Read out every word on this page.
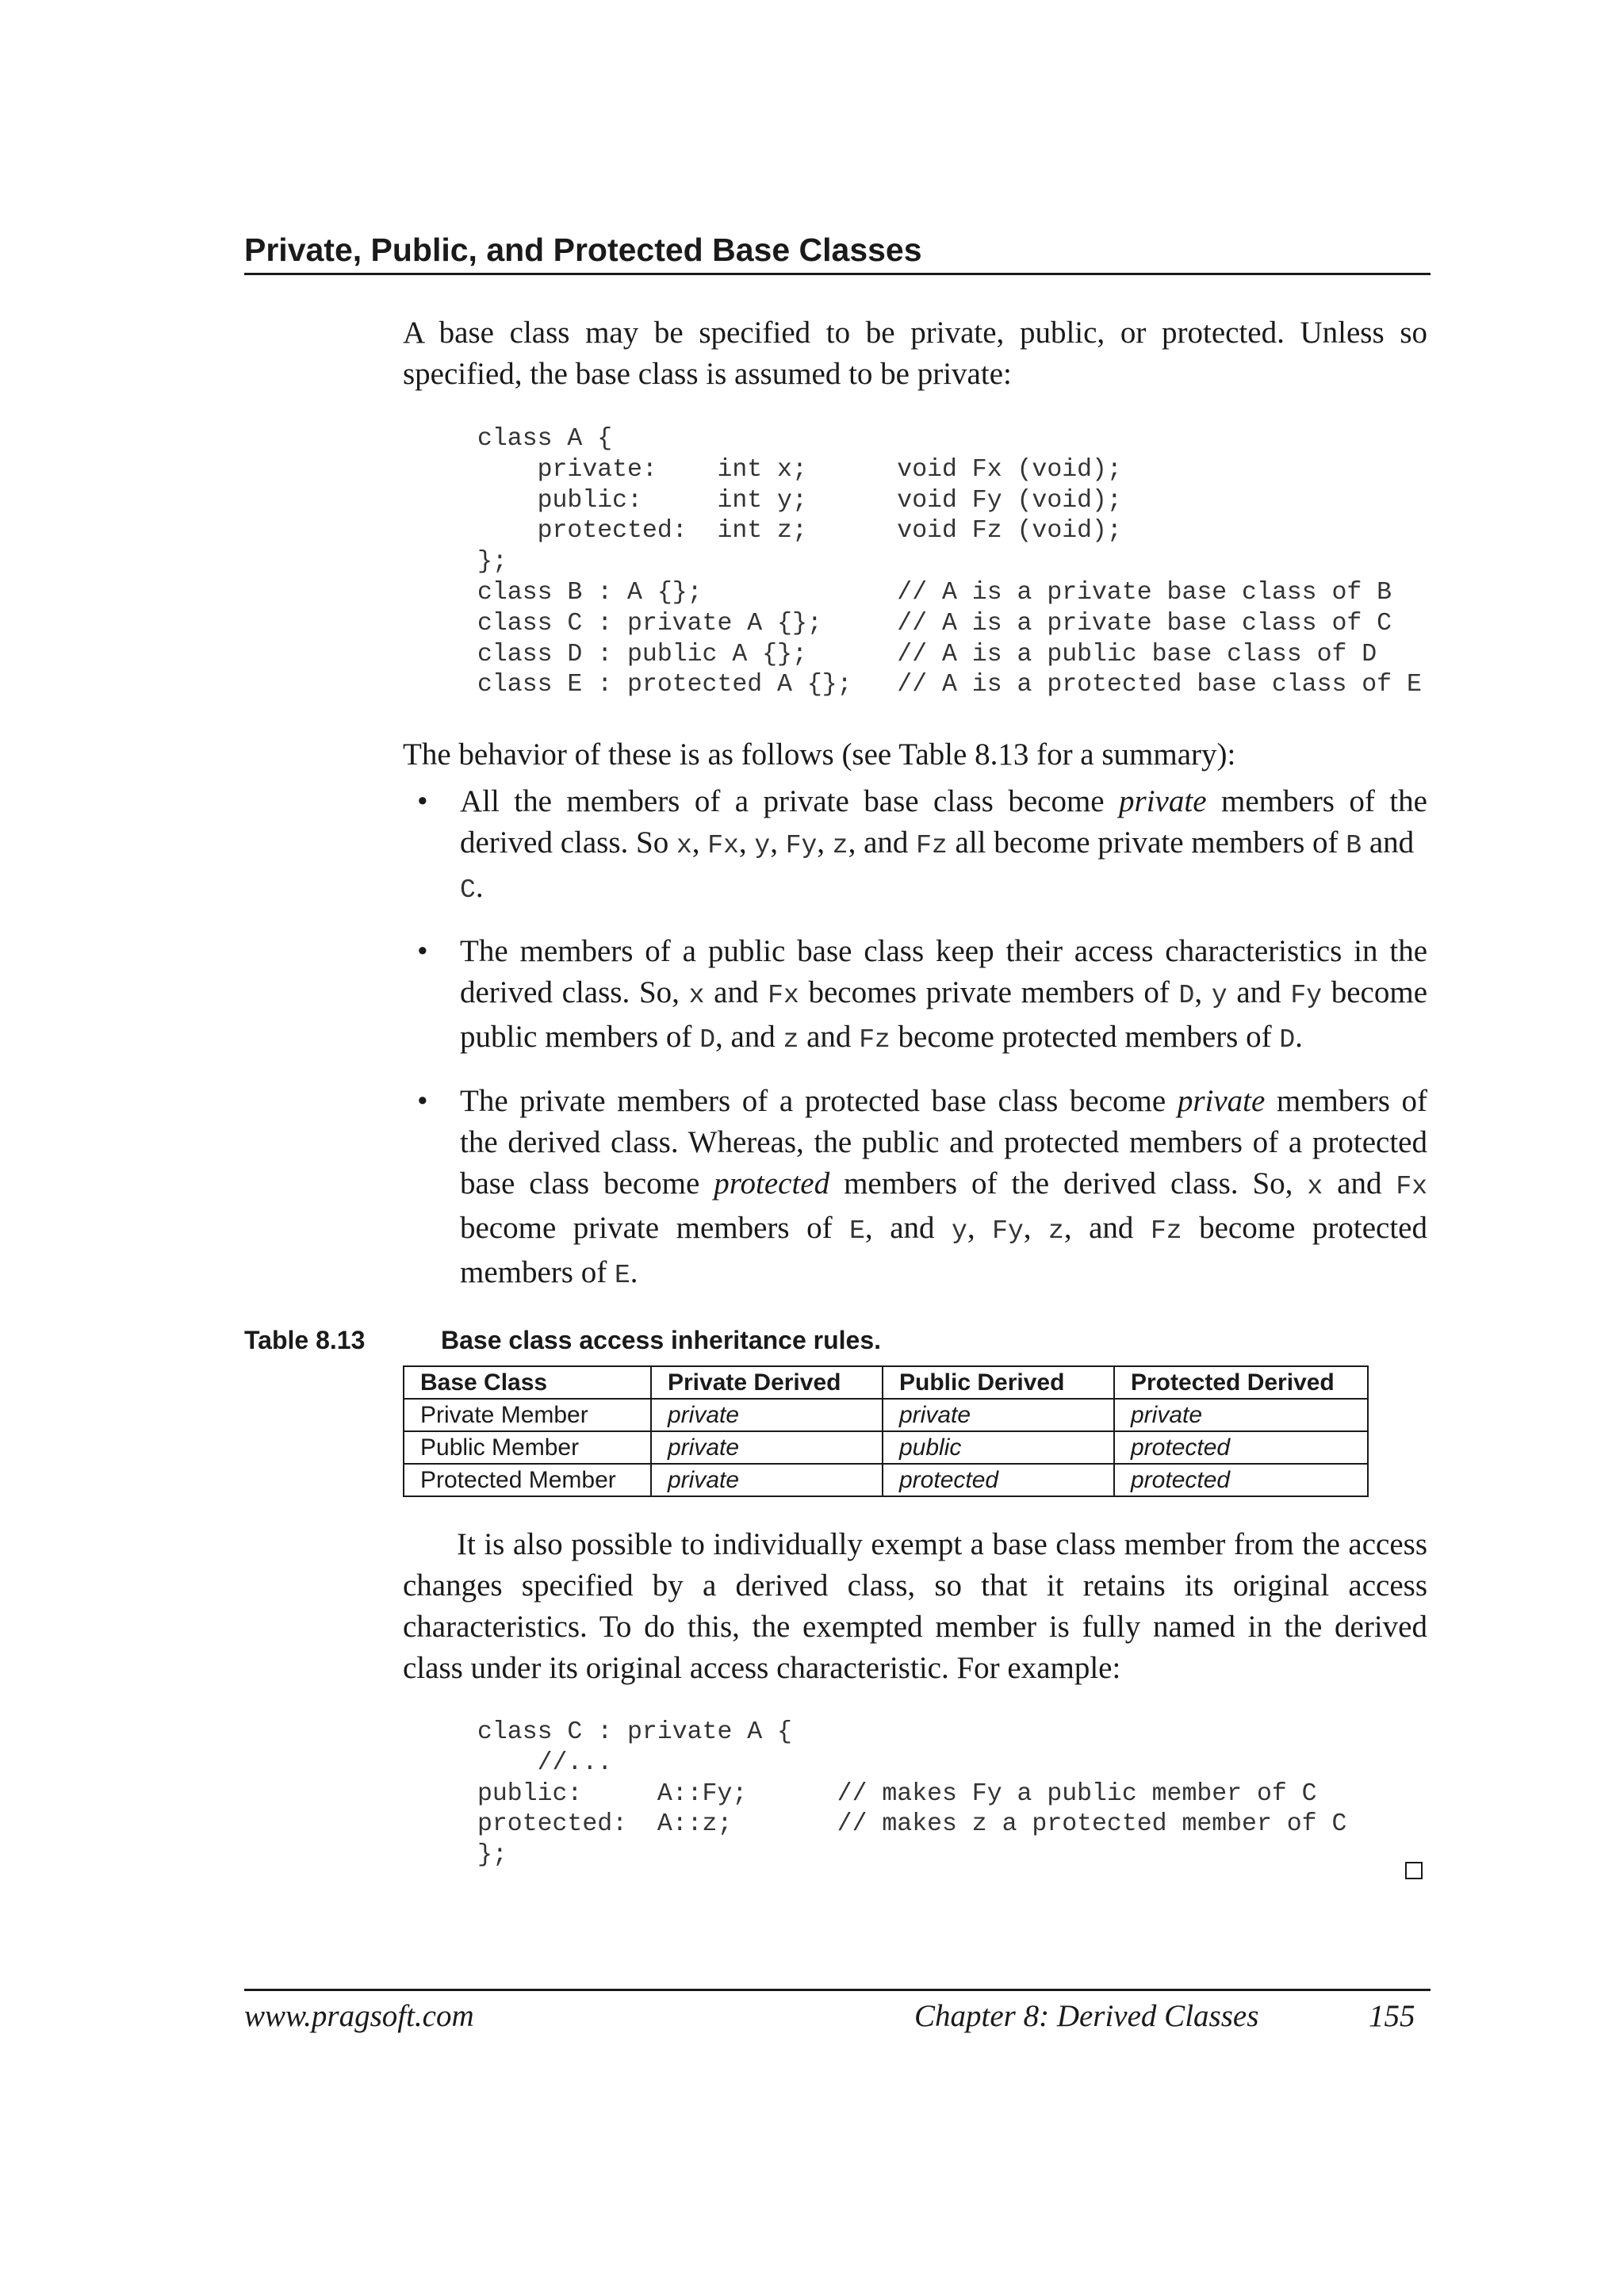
Private, Public, and Protected Base Classes
A base class may be specified to be private, public, or protected. Unless so specified, the base class is assumed to be private:
class A {
private:    int x;      void Fx (void);
public:     int y;      void Fy (void);
protected:  int z;      void Fz (void);
};
class B : A {};             // A is a private base class of B
class C : private A {};     // A is a private base class of C
class D : public A {};      // A is a public base class of D
class E : protected A {};   // A is a protected base class of E
The behavior of these is as follows (see Table 8.13 for a summary):
• All the members of a private base class become private members of the derived class. So x, Fx, y, Fy, z, and Fz all become private members of B and
C.
• The members of a public base class keep their access characteristics in the derived class. So, x and Fx becomes private members of D, y and Fy become public members of D, and z and Fz become protected members of D.
• The private members of a protected base class become private members of the derived class. Whereas, the public and protected members of a protected base class become protected members of the derived class. So, x and Fx become private members of E, and y, Fy, z, and Fz become protected members of E.
Table 8.13	Base class access inheritance rules.
Base Class	Private Derived	Public Derived	Protected Derived
Private Member	private	private	private
Public Member	private	public	protected
Protected Member	private	protected	protected
It is also possible to individually exempt a base class member from the access changes specified by a derived class, so that it retains its original access characteristics. To do this, the exempted member is fully named in the derived class under its original access characteristic. For example:
class C : private A {
//...
public:     A::Fy;      // makes Fy a public member of C
protected:  A::z;       // makes z a protected member of C
};
www.pragsoft.com	Chapter 8: Derived Classes	155
